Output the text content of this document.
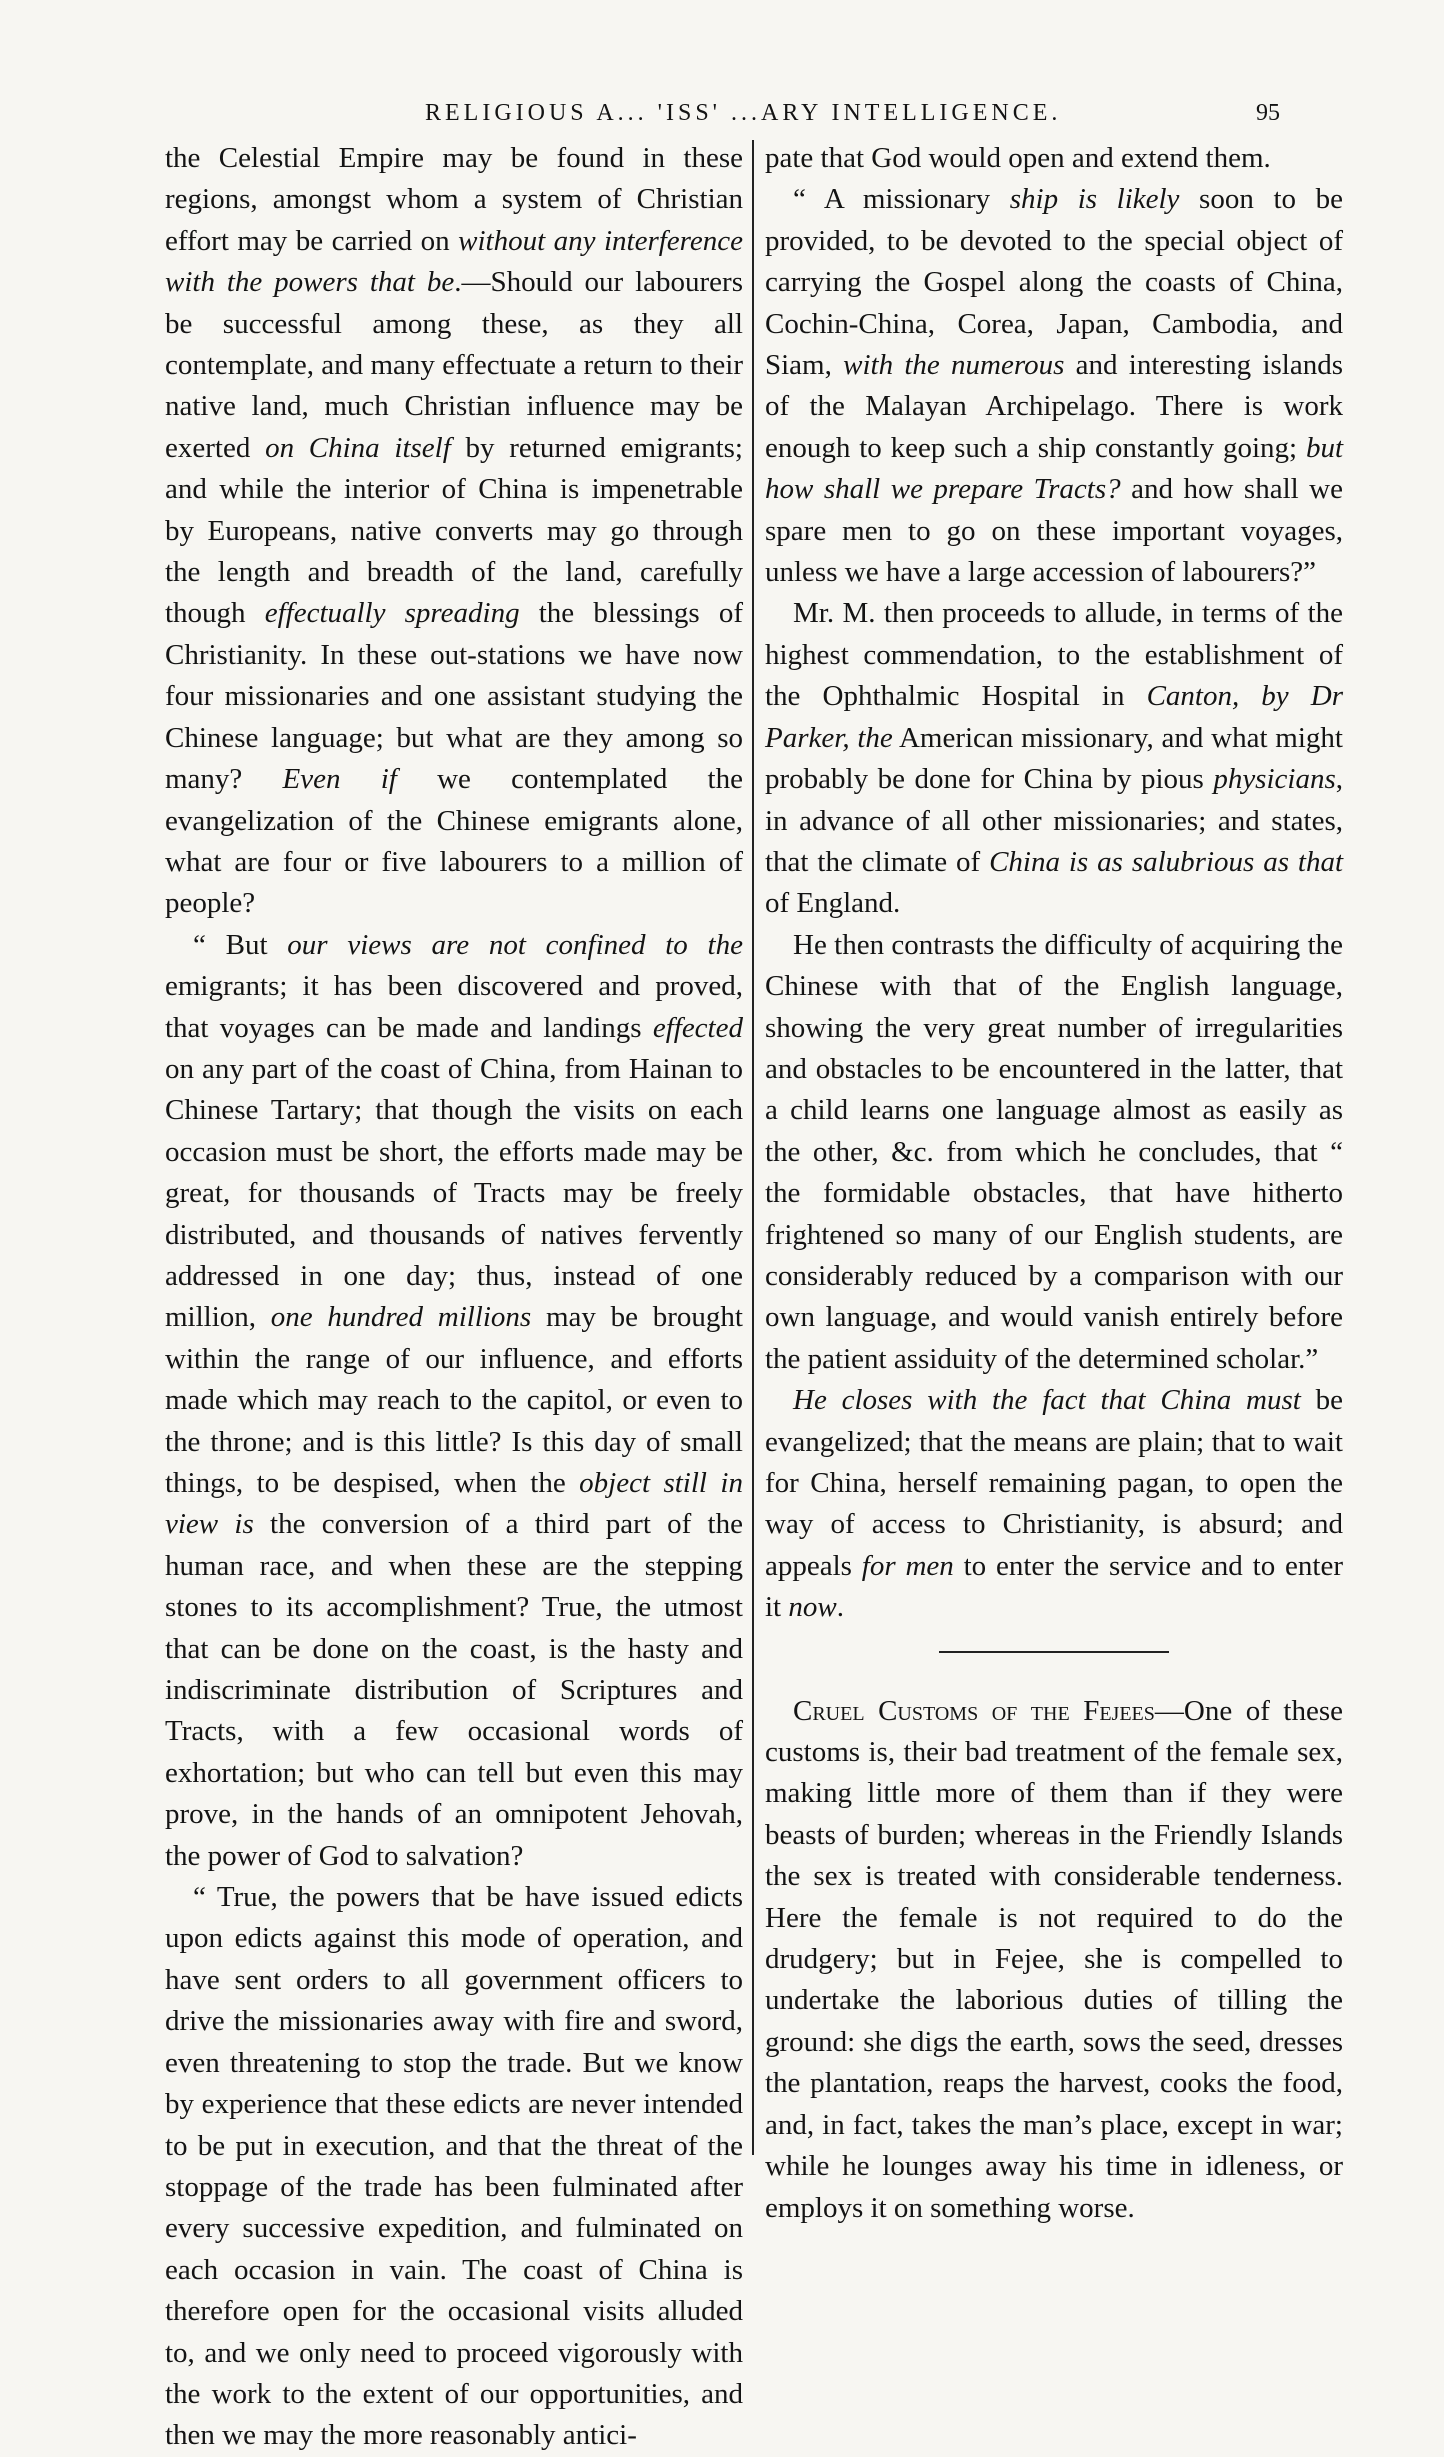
RELIGIOUS A... 'ISS' ...ARY INTELLIGENCE.	95

the Celestial Empire may be found in these regions, amongst whom a system of Christian effort may be carried on without any interference with the powers that be.—Should our labourers be successful among these, as they all contemplate, and many effectuate a return to their native land, much Christian influence may be exerted on China itself by returned emigrants; and while the interior of China is impenetrable by Europeans, native converts may go through the length and breadth of the land, carefully though effectually spreading the blessings of Christianity. In these out-stations we have now four missionaries and one assistant studying the Chinese language; but what are they among so many? Even if we contemplated the evangelization of the Chinese emigrants alone, what are four or five labourers to a million of people?

“ But our views are not confined to the emigrants; it has been discovered and proved, that voyages can be made and landings effected on any part of the coast of China, from Hainan to Chinese Tartary; that though the visits on each occasion must be short, the efforts made may be great, for thousands of Tracts may be freely distributed, and thousands of natives fervently addressed in one day; thus, instead of one million, one hundred millions may be brought within the range of our influence, and efforts made which may reach to the capitol, or even to the throne; and is this little? Is this day of small things, to be despised, when the object still in view is the conversion of a third part of the human race, and when these are the stepping stones to its accomplishment? True, the utmost that can be done on the coast, is the hasty and indiscriminate distribution of Scriptures and Tracts, with a few occasional words of exhortation; but who can tell but even this may prove, in the hands of an omnipotent Jehovah, the power of God to salvation?

“ True, the powers that be have issued edicts upon edicts against this mode of operation, and have sent orders to all government officers to drive the missionaries away with fire and sword, even threatening to stop the trade. But we know by experience that these edicts are never intended to be put in execution, and that the threat of the stoppage of the trade has been fulminated after every successive expedition, and fulminated on each occasion in vain. The coast of China is therefore open for the occasional visits alluded to, and we only need to proceed vigorously with the work to the extent of our opportunities, and then we may the more reasonably antici-

pate that God would open and extend them.

“ A missionary ship is likely soon to be provided, to be devoted to the special object of carrying the Gospel along the coasts of China, Cochin-China, Corea, Japan, Cambodia, and Siam, with the numerous and interesting islands of the Malayan Archipelago. There is work enough to keep such a ship constantly going; but how shall we prepare Tracts? and how shall we spare men to go on these important voyages, unless we have a large accession of labourers?”

Mr. M. then proceeds to allude, in terms of the highest commendation, to the establishment of the Ophthalmic Hospital in Canton, by Dr Parker, the American missionary, and what might probably be done for China by pious physicians, in advance of all other missionaries; and states, that the climate of China is as salubrious as that of England.

He then contrasts the difficulty of acquiring the Chinese with that of the English language, showing the very great number of irregularities and obstacles to be encountered in the latter, that a child learns one language almost as easily as the other, &c. from which he concludes, that “ the formidable obstacles, that have hitherto frightened so many of our English students, are considerably reduced by a comparison with our own language, and would vanish entirely before the patient assiduity of the determined scholar.”

He closes with the fact that China must be evangelized; that the means are plain; that to wait for China, herself remaining pagan, to open the way of access to Christianity, is absurd; and appeals for men to enter the service and to enter it now.

Cruel Customs of the Fejees—One of these customs is, their bad treatment of the female sex, making little more of them than if they were beasts of burden; whereas in the Friendly Islands the sex is treated with considerable tenderness. Here the female is not required to do the drudgery; but in Fejee, she is compelled to undertake the laborious duties of tilling the ground: she digs the earth, sows the seed, dresses the plantation, reaps the harvest, cooks the food, and, in fact, takes the man’s place, except in war; while he lounges away his time in idleness, or employs it on something worse.
